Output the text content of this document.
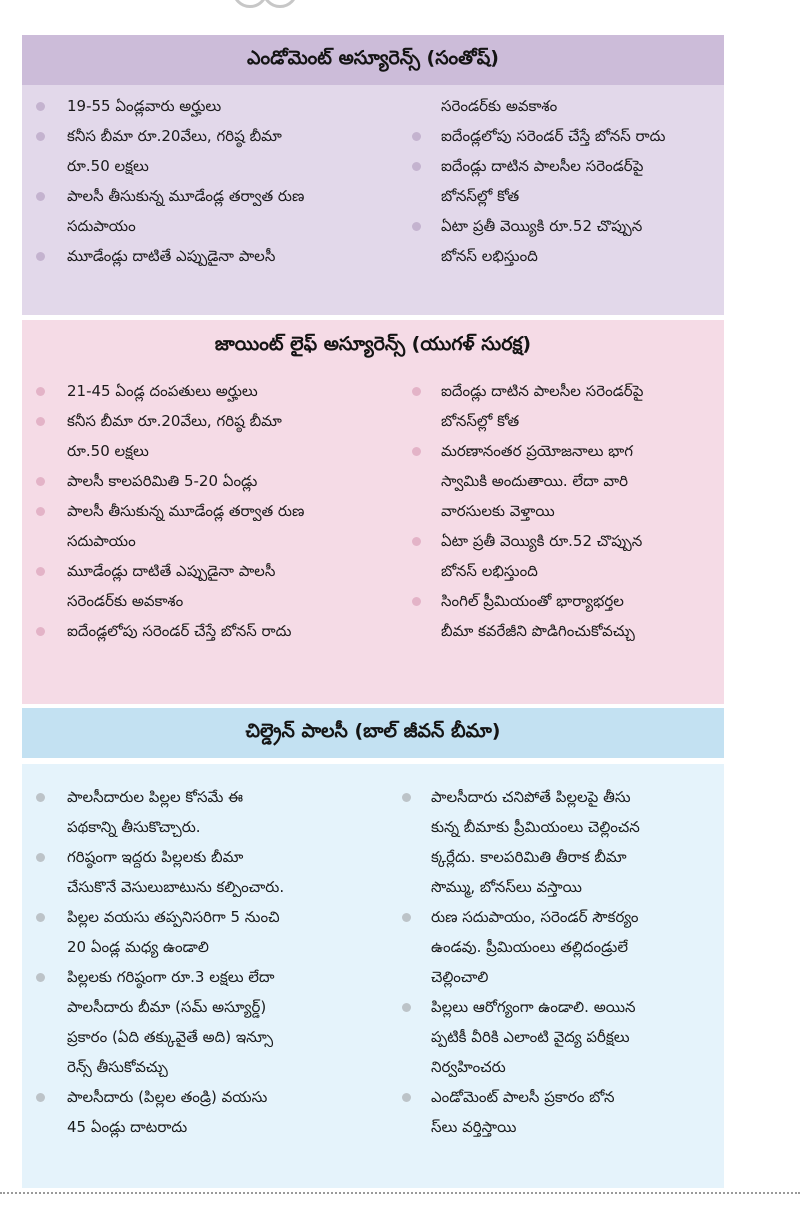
ఎండోమెంట్ అస్యూరెన్స్ (సంతోష్)
19-55 ఏండ్లవారు అర్హులు
కనీస బీమా రూ.20వేలు, గరిష్ఠ బీమా
రూ.50 లక్షలు
పాలసీ తీసుకున్న మూడేండ్ల తర్వాత రుణ
సదుపాయం
మూడేండ్లు దాటితే ఎప్పుడైనా పాలసీ
సరెండర్‌కు అవకాశం
ఐదేండ్లలోపు సరెండర్ చేస్తే బోనస్ రాదు
ఐదేండ్లు దాటిన పాలసీల సరెండర్‌పై
బోనస్‌ల్లో కోత
ఏటా ప్రతీ వెయ్యికి రూ.52 చొప్పున
బోనస్ లభిస్తుంది
జాయింట్ లైఫ్ అస్యూరెన్స్ (యుగళ్ సురక్ష)
21-45 ఏండ్ల దంపతులు అర్హులు
కనీస బీమా రూ.20వేలు, గరిష్ఠ బీమా
రూ.50 లక్షలు
పాలసీ కాలపరిమితి 5-20 ఏండ్లు
పాలసీ తీసుకున్న మూడేండ్ల తర్వాత రుణ
సదుపాయం
మూడేండ్లు దాటితే ఎప్పుడైనా పాలసీ
సరెండర్‌కు అవకాశం
ఐదేండ్లలోపు సరెండర్ చేస్తే బోనస్ రాదు
ఐదేండ్లు దాటిన పాలసీల సరెండర్‌పై
బోనస్‌ల్లో కోత
మరణానంతర ప్రయోజనాలు భాగ
స్వామికి అందుతాయి. లేదా వారి
వారసులకు వెళ్తాయి
ఏటా ప్రతీ వెయ్యికి రూ.52 చొప్పున
బోనస్ లభిస్తుంది
సింగిల్ ప్రీమియంతో భార్యాభర్తల
బీమా కవరేజీని పొడిగించుకోవచ్చు
చిల్డ్రెన్ పాలసీ (బాల్ జీవన్ బీమా)
పాలసీదారుల పిల్లల కోసమే ఈ
పథకాన్ని తీసుకొచ్చారు.
గరిష్ఠంగా ఇద్దరు పిల్లలకు బీమా
చేసుకొనే వెసులుబాటును కల్పించారు.
పిల్లల వయసు తప్పనిసరిగా 5 నుంచి
20 ఏండ్ల మధ్య ఉండాలి
పిల్లలకు గరిష్ఠంగా రూ.3 లక్షలు లేదా
పాలసీదారు బీమా (సమ్ అస్యూర్డ్)
ప్రకారం (ఏది తక్కువైతే అది) ఇన్సూ
రెన్స్ తీసుకోవచ్చు
పాలసీదారు (పిల్లల తండ్రి) వయసు
45 ఏండ్లు దాటరాదు
పాలసీదారు చనిపోతే పిల్లలపై తీసు
కున్న బీమాకు ప్రీమియంలు చెల్లించన
క్కర్లేదు. కాలపరిమితి తీరాక బీమా
సొమ్ము, బోనస్‌లు వస్తాయి
రుణ సదుపాయం, సరెండర్ సౌకర్యం
ఉండవు. ప్రీమియంలు తల్లిదండ్రులే
చెల్లించాలి
పిల్లలు ఆరోగ్యంగా ఉండాలి. అయిన
ప్పటికీ వీరికి ఎలాంటి వైద్య పరీక్షలు
నిర్వహించరు
ఎండోమెంట్ పాలసీ ప్రకారం బోన
స్‌లు వర్తిస్తాయి
